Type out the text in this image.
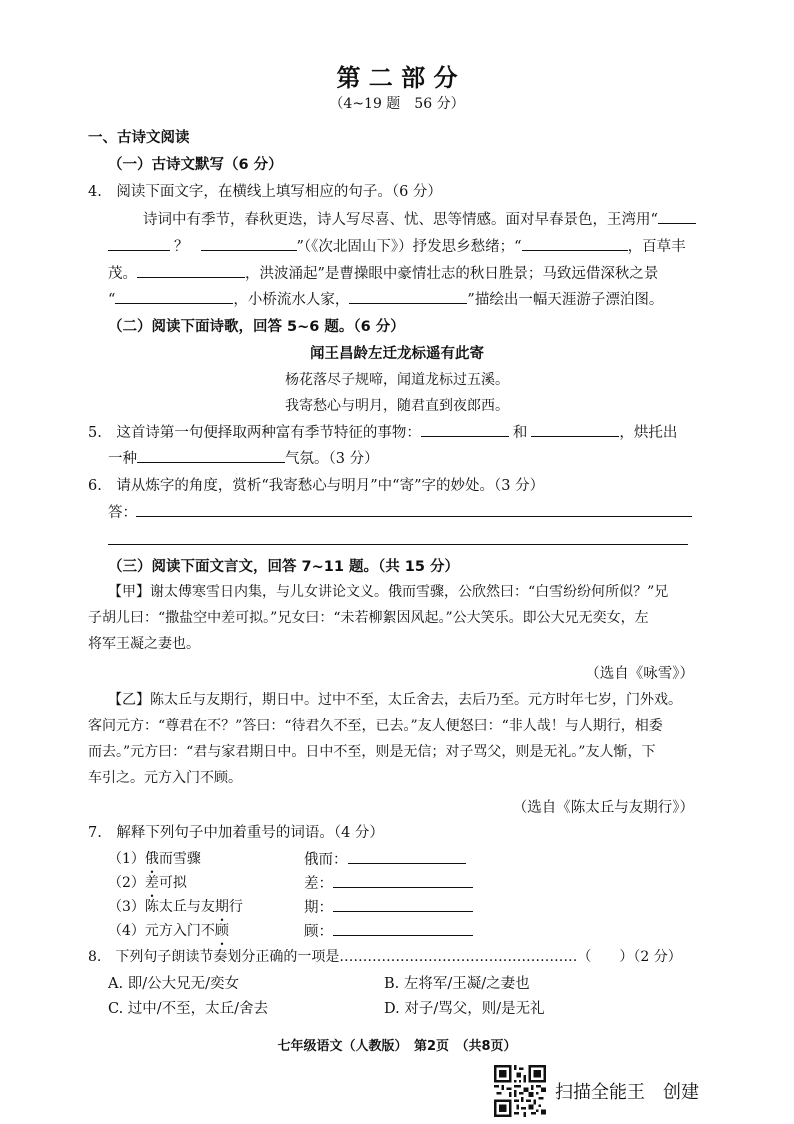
第 二 部 分
（4~19 题　56 分）
一、古诗文阅读
（一）古诗文默写（6 分）
4.　阅读下面文字，在横线上填写相应的句子。（6 分）
诗词中有季节，春秋更迭，诗人写尽喜、忧、思等情感。面对早春景色，王湾用“
？	”（《次北固山下》）抒发思乡愁绪；“	，百草丰
茂。	，洪波涌起”是曹操眼中豪情壮志的秋日胜景；马致远借深秋之景
“	，小桥流水人家，	”描绘出一幅天涯游子漂泊图。
（二）阅读下面诗歌，回答 5~6 题。（6 分）
闻王昌龄左迁龙标遥有此寄
杨花落尽子规啼，闻道龙标过五溪。
我寄愁心与明月，随君直到夜郎西。
5.　这首诗第一句便择取两种富有季节特征的事物：	和	，烘托出
一种	气氛。（3 分）
6.　请从炼字的角度，赏析“我寄愁心与明月”中“寄”字的妙处。（3 分）
答：
（三）阅读下面文言文，回答 7~11 题。（共 15 分）
【甲】谢太傅寒雪日内集，与儿女讲论文义。俄而雪骤，公欣然曰：“白雪纷纷何所似？”兄
子胡儿曰：“撒盐空中差可拟。”兄女曰：“未若柳絮因风起。”公大笑乐。即公大兄无奕女，左
将军王凝之妻也。
（选自《咏雪》）
【乙】陈太丘与友期行，期日中。过中不至，太丘舍去，去后乃至。元方时年七岁，门外戏。
客问元方：“尊君在不？”答曰：“待君久不至，已去。”友人便怒曰：“非人哉！与人期行，相委
而去。”元方曰：“君与家君期日中。日中不至，则是无信；对子骂父，则是无礼。”友人惭，下
车引之。元方入门不顾。
（选自《陈太丘与友期行》）
7.　解释下列句子中加着重号的词语。（4 分）
（1）俄而雪骤	俄而：
（2）差可拟	差：
（3）陈太丘与友期行	期：
（4）元方入门不顾	顾：
8.　下列句子朗读节奏划分正确的一项是……………………………………………（　　）（2 分）
A. 即/公大兄无/奕女	B. 左将军/王凝/之妻也
C. 过中/不至，太丘/舍去	D. 对子/骂父，则/是无礼
七年级语文（人教版）　第2页　（共8页）
扫描全能王　创建
